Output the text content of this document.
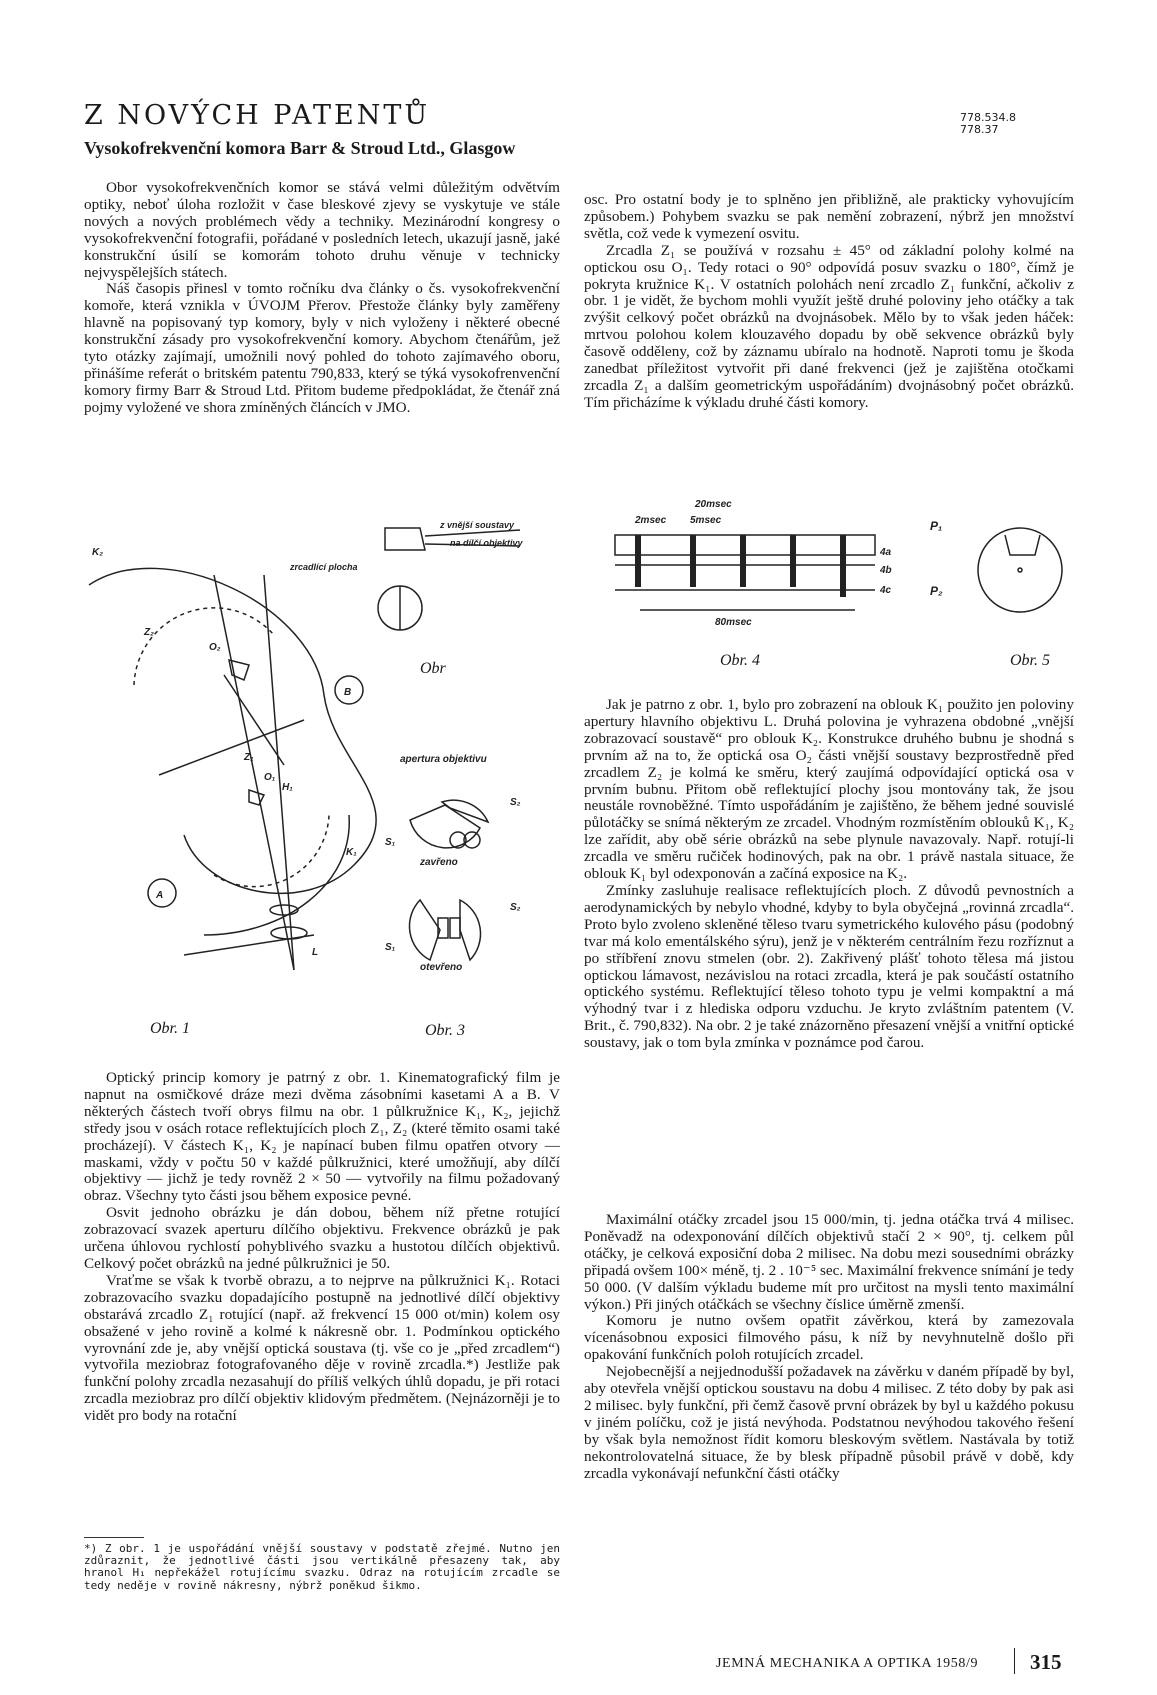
Z NOVÝCH PATENTŮ
Vysokofrekvenční komora Barr & Stroud Ltd., Glasgow
778.534.8
778.37

Obor vysokofrekvenčních komor se stává velmi důležitým odvětvím optiky, neboť úloha rozložit v čase bleskové zjevy se vyskytuje ve stále nových a nových problémech vědy a techniky. Mezinárodní kongresy o vysokofrekvenční fotografii, pořádané v posledních letech, ukazují jasně, jaké konstrukční úsilí se komorám tohoto druhu věnuje v technicky nejvyspělejších státech.

Náš časopis přinesl v tomto ročníku dva články o čs. vysokofrekvenční komoře, která vznikla v ÚVOJM Přerov. Přestože články byly zaměřeny hlavně na popisovaný typ komory, byly v nich vyloženy i některé obecné konstrukční zásady pro vysokofrekvenční komory. Abychom čtenářům, jež tyto otázky zajímají, umožnili nový pohled do tohoto zajímavého oboru, přinášíme referát o britském patentu 790,833, který se týká vysokofrenvenční komory firmy Barr & Stroud Ltd. Přitom budeme předpokládat, že čtenář zná pojmy vyložené ve shora zmíněných článcích v JMO.

osc. Pro ostatní body je to splněno jen přibližně, ale prakticky vyhovujícím způsobem.) Pohybem svazku se pak nemění zobrazení, nýbrž jen množství světla, což vede k vymezení osvitu.

Zrcadla Z₁ se používá v rozsahu ± 45° od základní polohy kolmé na optickou osu O₁. Tedy rotaci o 90° odpovídá posuv svazku o 180°, čímž je pokryta kružnice K₁. V ostatních polohách není zrcadlo Z₁ funkční, ačkoliv z obr. 1 je vidět, že bychom mohli využít ještě druhé poloviny jeho otáčky a tak zvýšit celkový počet obrázků na dvojnásobek. Mělo by to však jeden háček: mrtvou polohou kolem klouzavého dopadu by obě sekvence obrázků byly časově odděleny, což by záznamu ubíralo na hodnotě. Naproti tomu je škoda zanedbat příležitost vytvořit při dané frekvenci (jež je zajištěna otočkami zrcadla Z₁ a dalším geometrickým uspořádáním) dvojnásobný počet obrázků. Tím přicházíme k výkladu druhé části komory.

Jak je patrno z obr. 1, bylo pro zobrazení na oblouk K₁ použito jen poloviny apertury hlavního objektivu L. Druhá polovina je vyhrazena obdobné „vnější zobrazovací soustavě“ pro oblouk K₂. Konstrukce druhého bubnu je shodná s prvním až na to, že optická osa O₂ části vnější soustavy bezprostředně před zrcadlem Z₂ je kolmá ke směru, který zaujímá odpovídající optická osa v prvním bubnu. Přitom obě reflektující plochy jsou montovány tak, že jsou neustále rovnoběžné. Tímto uspořádáním je zajištěno, že během jedné souvislé půlotáčky se snímá některým ze zrcadel. Vhodným rozmístěním oblouků K₁, K₂ lze zařídit, aby obě série obrázků na sebe plynule navazovaly. Např. rotují-li zrcadla ve směru ručiček hodinových, pak na obr. 1 právě nastala situace, že oblouk K₁ byl odexponován a začíná exposice na K₂.

Zmínky zasluhuje realisace reflektujících ploch. Z důvodů pevnostních a aerodynamických by nebylo vhodné, kdyby to byla obyčejná „rovinná zrcadla“. Proto bylo zvoleno skleněné těleso tvaru symetrického kulového pásu (podobný tvar má kolo ementálského sýru), jenž je v některém centrálním řezu rozříznut a po stříbření znovu stmelen (obr. 2). Zakřivený plášť tohoto tělesa má jistou optickou lámavost, nezávislou na rotaci zrcadla, která je pak součástí ostatního optického systému. Reflektující těleso tohoto typu je velmi kompaktní a má výhodný tvar i z hlediska odporu vzduchu. Je kryto zvláštním patentem (V. Brit., č. 790,832). Na obr. 2 je také znázorněno přesazení vnější a vnitřní optické soustavy, jak o tom byla zmínka v poznámce pod čarou.

Optický princip komory je patrný z obr. 1. Kinematografický film je napnut na osmičkové dráze mezi dvěma zásobními kasetami A a B. V některých částech tvoří obrys filmu na obr. 1 půlkružnice K₁, K₂, jejichž středy jsou v osách rotace reflektujících ploch Z₁, Z₂ (které těmito osami také procházejí). V částech K₁, K₂ je napínací buben filmu opatřen otvory — maskami, vždy v počtu 50 v každé půlkružnici, které umožňují, aby dílčí objektivy — jichž je tedy rovněž 2 × 50 — vytvořily na filmu požadovaný obraz. Všechny tyto části jsou během exposice pevné.

Osvit jednoho obrázku je dán dobou, během níž přetne rotující zobrazovací svazek aperturu dílčího objektivu. Frekvence obrázků je pak určena úhlovou rychlostí pohyblivého svazku a hustotou dílčích objektivů. Celkový počet obrázků na jedné půlkružnici je 50.

Vraťme se však k tvorbě obrazu, a to nejprve na půlkružnici K₁. Rotaci zobrazovacího svazku dopadajícího postupně na jednotlivé dílčí objektivy obstarává zrcadlo Z₁ rotující (např. až frekvencí 15 000 ot/min) kolem osy obsažené v jeho rovině a kolmé k nákresně obr. 1. Podmínkou optického vyrovnání zde je, aby vnější optická soustava (tj. vše co je „před zrcadlem“) vytvořila meziobraz fotografovaného děje v rovině zrcadla.*) Jestliže pak funkční polohy zrcadla nezasahují do příliš velkých úhlů dopadu, je při rotaci zrcadla meziobraz pro dílčí objektiv klidovým předmětem. (Nejnázorněji je to vidět pro body na rotační

Maximální otáčky zrcadel jsou 15 000/min, tj. jedna otáčka trvá 4 milisec. Poněvadž na odexponování dílčích objektivů stačí 2 × 90°, tj. celkem půl otáčky, je celková exposiční doba 2 milisec. Na dobu mezi sousedními obrázky připadá ovšem 100× méně, tj. 2 . 10⁻⁵ sec. Maximální frekvence snímání je tedy 50 000. (V dalším výkladu budeme mít pro určitost na mysli tento maximální výkon.) Při jiných otáčkách se všechny číslice úměrně zmenší.

Komoru je nutno ovšem opatřit závěrkou, která by zamezovala vícenásobnou exposici filmového pásu, k níž by nevyhnutelně došlo při opakování funkčních poloh rotujících zrcadel.

Nejobecnější a nejjednodušší požadavek na závěrku v daném případě by byl, aby otevřela vnější optickou soustavu na dobu 4 milisec. Z této doby by pak asi 2 milisec. byly funkční, při čemž časově první obrázek by byl u každého pokusu v jiném políčku, což je jistá nevýhoda. Podstatnou nevýhodou takového řešení by však byla nemožnost řídit komoru bleskovým světlem. Nastávala by totiž nekontrolovatelná situace, že by blesk případně působil právě v době, kdy zrcadla vykonávají nefunkční části otáčky

*) Z obr. 1 je uspořádání vnější soustavy v podstatě zřejmé. Nutno jen zdůraznit, že jednotlivé části jsou vertikálně přesazeny tak, aby hranol H₁ nepřekážel rotujícímu svazku. Odraz na rotujícím zrcadle se tedy neděje v rovině nákresny, nýbrž poněkud šikmo.
K₂
Z₂
O₂
Z₁
O₁
H₁
A
B
K₁
L
Obr. 1
z vnější soustavy
na dílčí objektivy
zrcadlící plocha
Obr
apertura objektivu
S₂
S₁
zavřeno
S₂
S₁
otevřeno
Obr. 3
20msec
2msec 5msec
4a
4b
4c
80msec
Obr. 4
P₁
P₂
Obr. 5
JEMNÁ MECHANIKA A OPTIKA 1958/9 315
